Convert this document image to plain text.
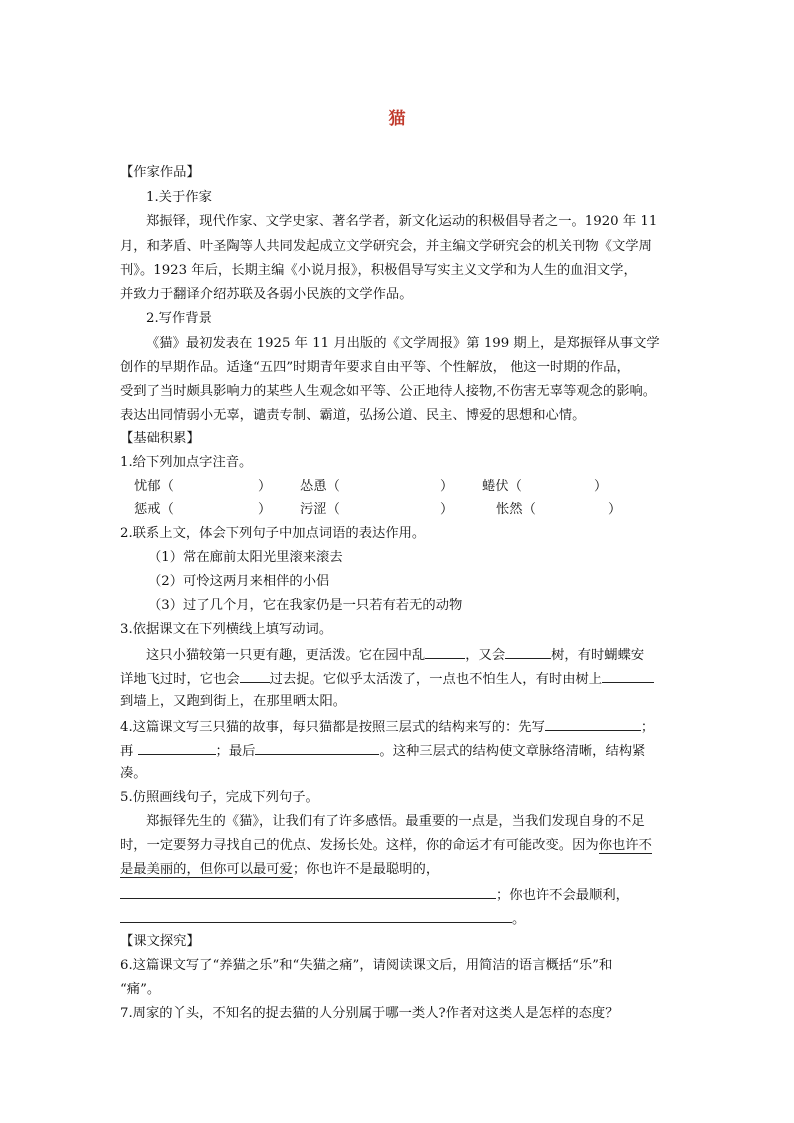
猫
【作家作品】
1.关于作家
郑振铎，现代作家、文学史家、著名学者，新文化运动的积极倡导者之一。1920 年 11
月，和茅盾、叶圣陶等人共同发起成立文学研究会，并主编文学研究会的机关刊物《文学周
刊》。1923 年后，长期主编《小说月报》，积极倡导写实主义文学和为人生的血泪文学，
并致力于翻译介绍苏联及各弱小民族的文学作品。
2.写作背景
《猫》最初发表在 1925 年 11 月出版的《文学周报》第 199 期上，是郑振铎从事文学
创作的早期作品。适逢“五四”时期青年要求自由平等、个性解放， 他这一时期的作品，
受到了当时颇具影响力的某些人生观念如平等、公正地待人接物,不伤害无辜等观念的影响。
表达出同情弱小无辜，谴责专制、霸道，弘扬公道、民主、博爱的思想和心情。
【基础积累】
1.给下列加点字注音。
忧郁（	） 怂恿（	） 蜷伏（	）
惩戒（	） 污涩（	）	怅然（	）
2.联系上文，体会下列句子中加点词语的表达作用。
（1）常在廊前太阳光里滚来滚去
（2）可怜这两月来相伴的小侣
（3）过了几个月，它在我家仍是一只若有若无的动物
3.依据课文在下列横线上填写动词。
这只小猫较第一只更有趣，更活泼。它在园中乱	，又会	树，有时蝴蝶安
详地飞过时，它也会 过去捉。它似乎太活泼了，一点也不怕生人，有时由树上
到墙上，又跑到街上，在那里晒太阳。
4.这篇课文写三只猫的故事，每只猫都是按照三层式的结构来写的：先写	；
再	；最后	。这种三层式的结构使文章脉络清晰，结构紧
凑。
5.仿照画线句子，完成下列句子。
郑振铎先生的《猫》，让我们有了许多感悟。最重要的一点是，当我们发现自身的不足
时，一定要努力寻找自己的优点、发扬长处。这样，你的命运才有可能改变。因为你也许不
是最美丽的，但你可以最可爱；你也许不是最聪明的，
；你也许不会最顺利，
。
【课文探究】
6.这篇课文写了“养猫之乐”和“失猫之痛”，请阅读课文后，用简洁的语言概括“乐”和
“痛”。
7.周家的丫头，不知名的捉去猫的人分别属于哪一类人?作者对这类人是怎样的态度？
